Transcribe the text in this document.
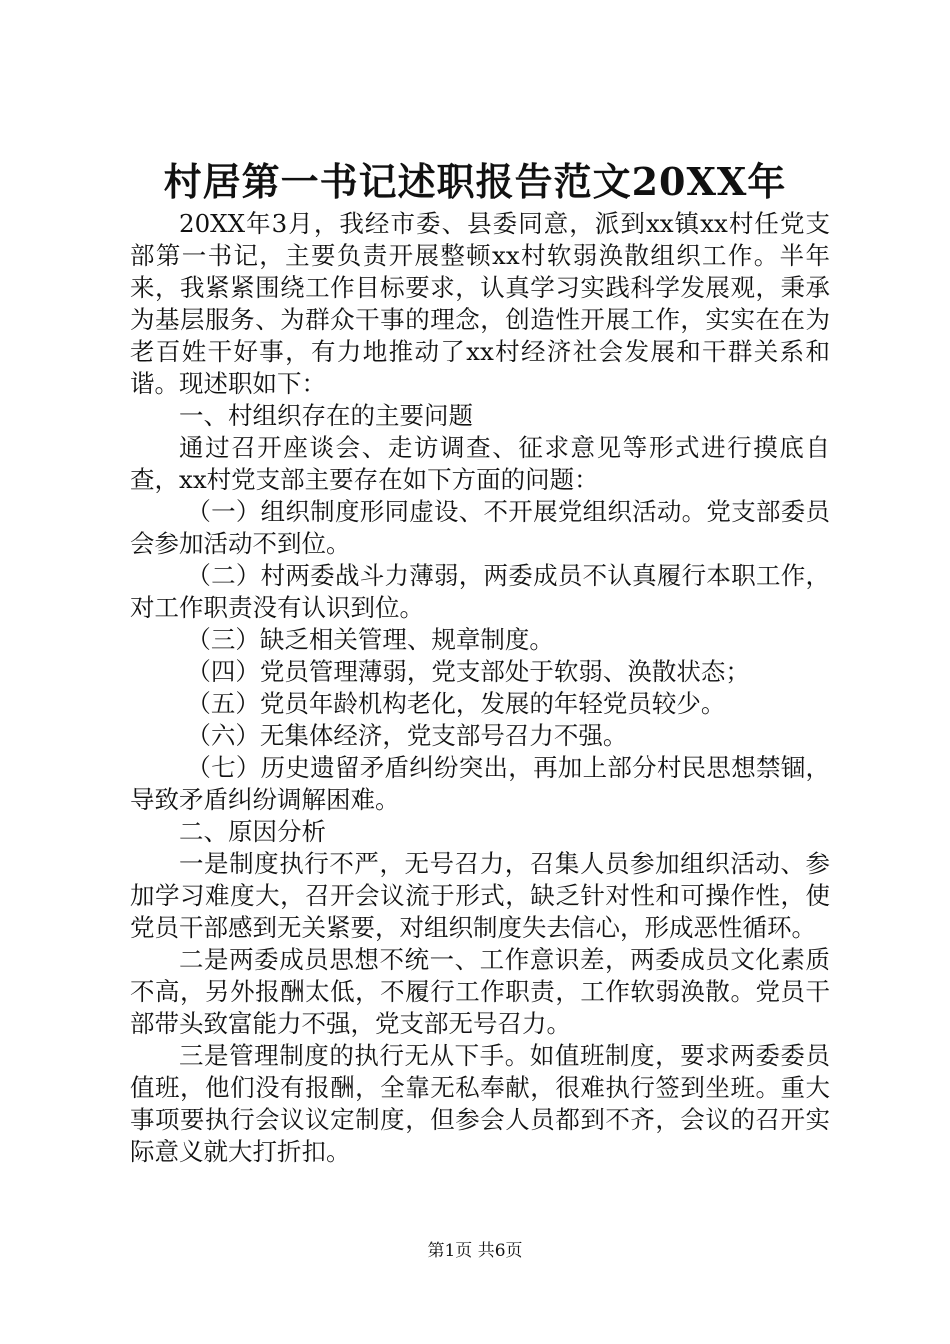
村居第一书记述职报告范文20XX年

20XX年3月，我经市委、县委同意，派到xx镇xx村任党支部第一书记，主要负责开展整顿xx村软弱涣散组织工作。半年来，我紧紧围绕工作目标要求，认真学习实践科学发展观，秉承为基层服务、为群众干事的理念，创造性开展工作，实实在在为老百姓干好事，有力地推动了xx村经济社会发展和干群关系和谐。现述职如下：

一、村组织存在的主要问题

通过召开座谈会、走访调查、征求意见等形式进行摸底自查，xx村党支部主要存在如下方面的问题：

（一）组织制度形同虚设、不开展党组织活动。党支部委员会参加活动不到位。

（二）村两委战斗力薄弱，两委成员不认真履行本职工作，对工作职责没有认识到位。

（三）缺乏相关管理、规章制度。

（四）党员管理薄弱，党支部处于软弱、涣散状态；

（五）党员年龄机构老化，发展的年轻党员较少。

（六）无集体经济，党支部号召力不强。

（七）历史遗留矛盾纠纷突出，再加上部分村民思想禁锢，导致矛盾纠纷调解困难。

二、原因分析

一是制度执行不严，无号召力，召集人员参加组织活动、参加学习难度大，召开会议流于形式，缺乏针对性和可操作性，使党员干部感到无关紧要，对组织制度失去信心，形成恶性循环。

二是两委成员思想不统一、工作意识差，两委成员文化素质不高，另外报酬太低，不履行工作职责，工作软弱涣散。党员干部带头致富能力不强，党支部无号召力。

三是管理制度的执行无从下手。如值班制度，要求两委委员值班，他们没有报酬，全靠无私奉献，很难执行签到坐班。重大事项要执行会议议定制度，但参会人员都到不齐，会议的召开实际意义就大打折扣。

第1页 共6页
